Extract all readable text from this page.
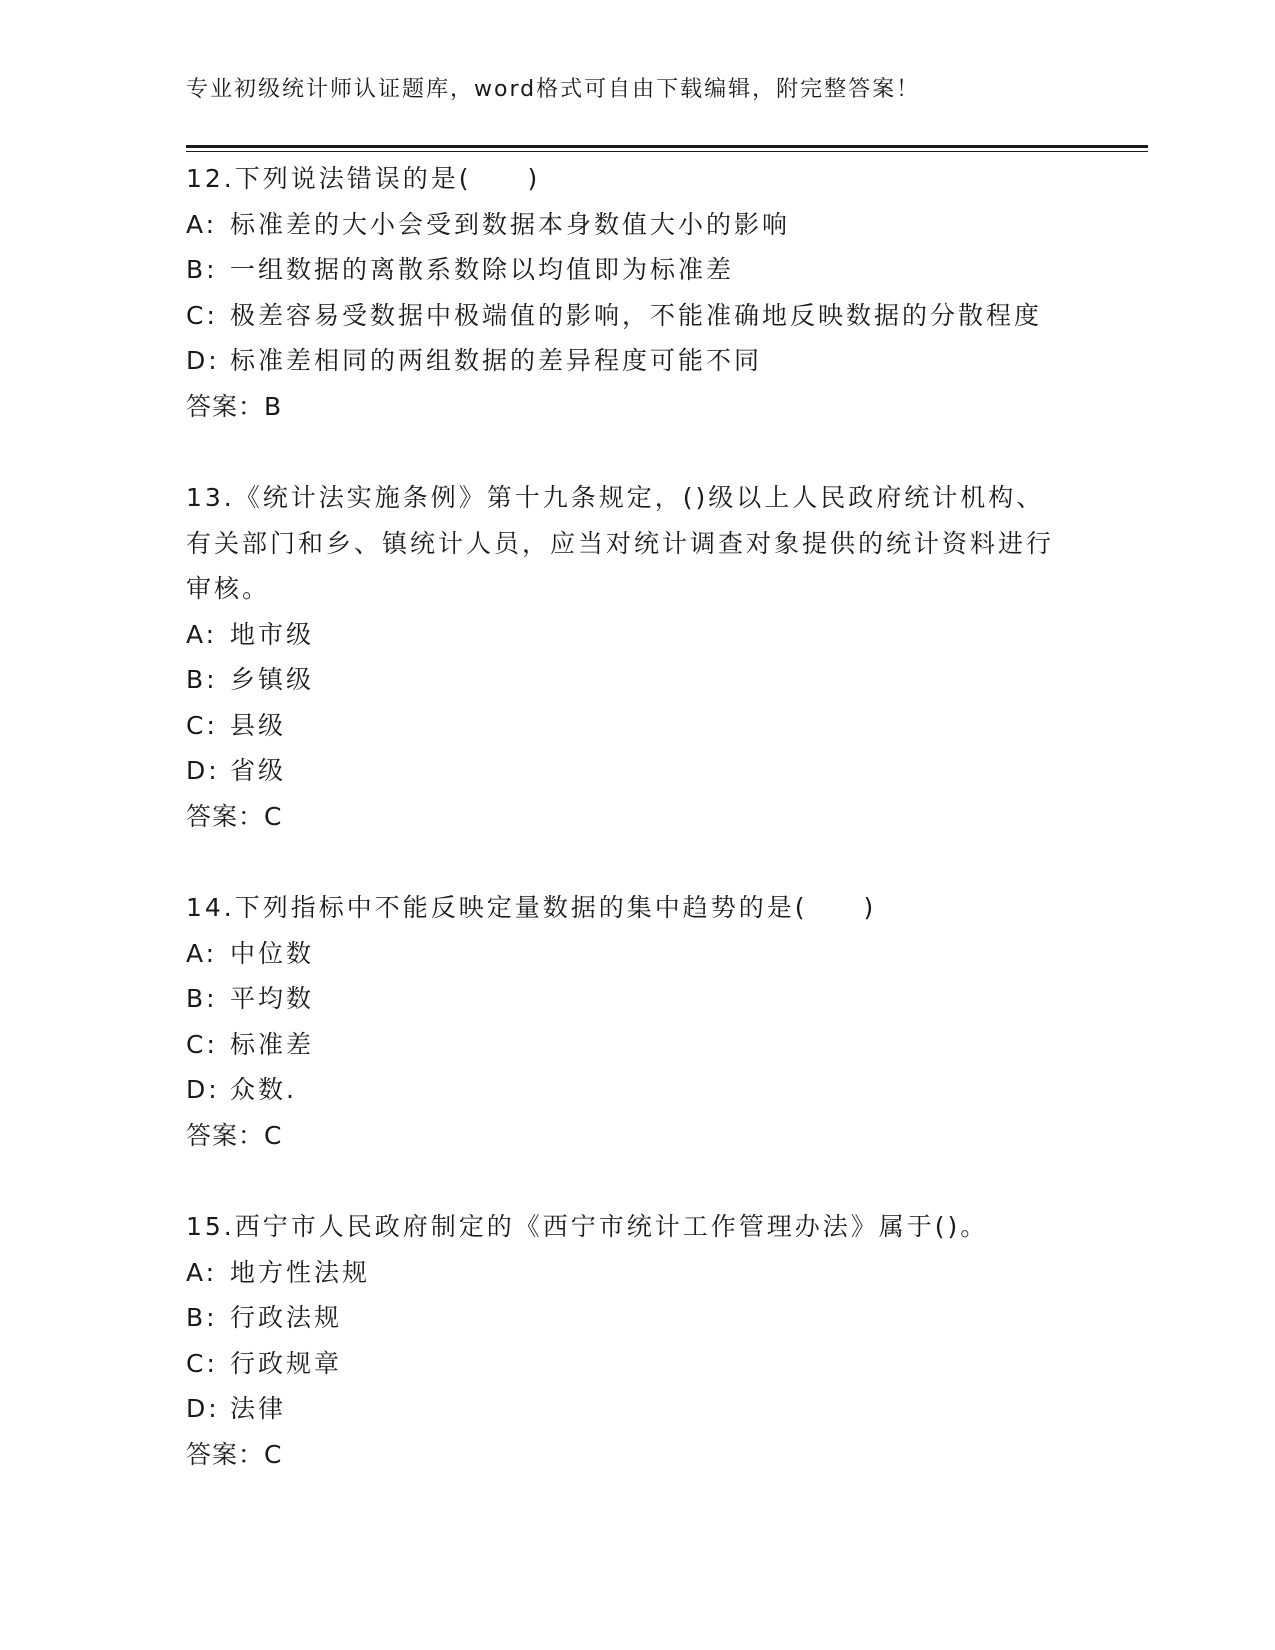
专业初级统计师认证题库，word格式可自由下载编辑，附完整答案！
12.下列说法错误的是(　　)
A: 标准差的大小会受到数据本身数值大小的影响
B: 一组数据的离散系数除以均值即为标准差
C: 极差容易受数据中极端值的影响，不能准确地反映数据的分散程度
D: 标准差相同的两组数据的差异程度可能不同
答案：B
13.《统计法实施条例》第十九条规定，()级以上人民政府统计机构、有关部门和乡、镇统计人员，应当对统计调查对象提供的统计资料进行审核。
A: 地市级
B: 乡镇级
C: 县级
D: 省级
答案：C
14.下列指标中不能反映定量数据的集中趋势的是(　　)
A: 中位数
B: 平均数
C: 标准差
D: 众数.
答案：C
15.西宁市人民政府制定的《西宁市统计工作管理办法》属于()。
A: 地方性法规
B: 行政法规
C: 行政规章
D: 法律
答案：C
